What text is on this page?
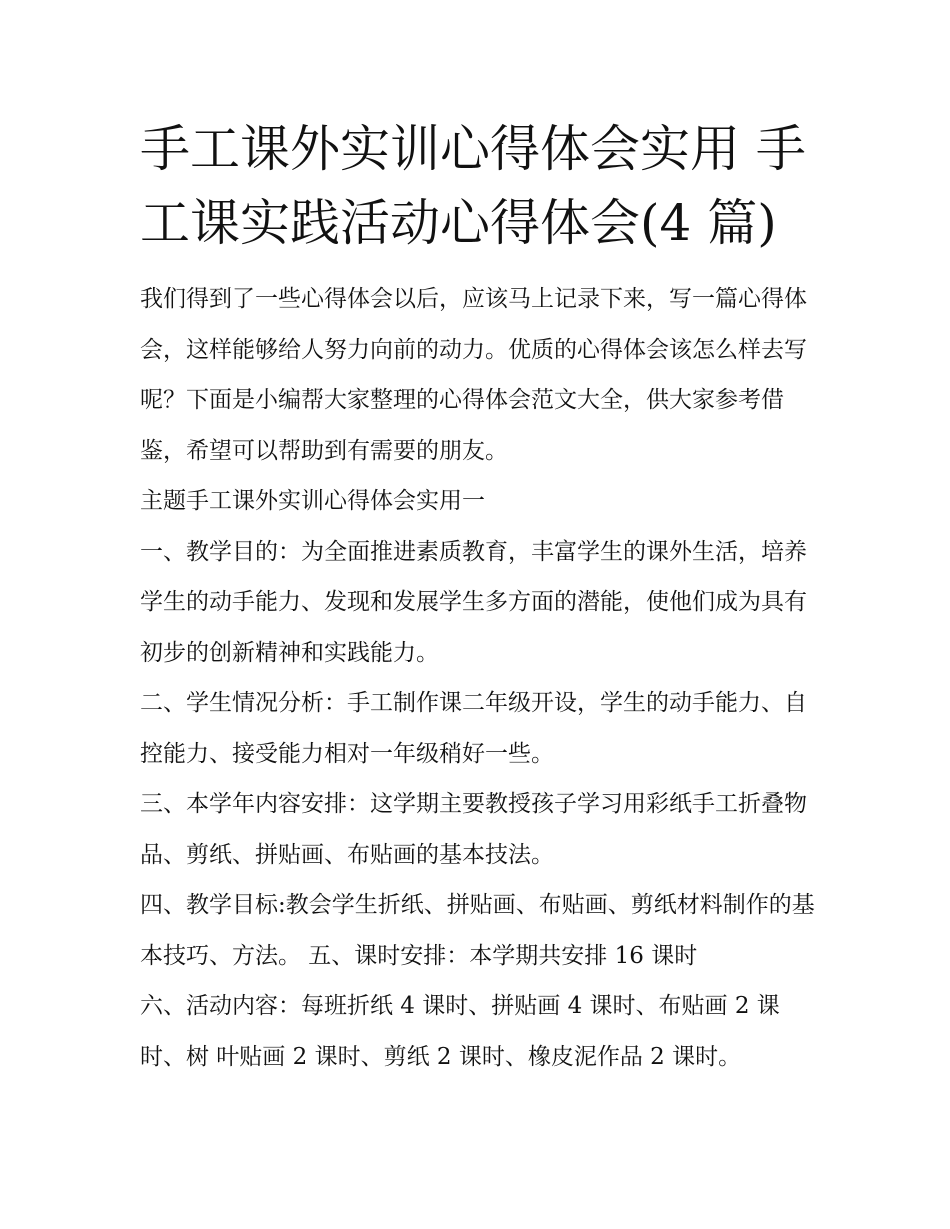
手工课外实训心得体会实用 手工课实践活动心得体会(4 篇)

我们得到了一些心得体会以后，应该马上记录下来，写一篇心得体会，这样能够给人努力向前的动力。优质的心得体会该怎么样去写呢？下面是小编帮大家整理的心得体会范文大全，供大家参考借鉴，希望可以帮助到有需要的朋友。

主题手工课外实训心得体会实用一

一、教学目的：为全面推进素质教育，丰富学生的课外生活，培养学生的动手能力、发现和发展学生多方面的潜能，使他们成为具有初步的创新精神和实践能力。

二、学生情况分析：手工制作课二年级开设，学生的动手能力、自控能力、接受能力相对一年级稍好一些。

三、本学年内容安排：这学期主要教授孩子学习用彩纸手工折叠物品、剪纸、拼贴画、布贴画的基本技法。

四、教学目标:教会学生折纸、拼贴画、布贴画、剪纸材料制作的基本技巧、方法。 五、课时安排：本学期共安排 16 课时

六、活动内容：每班折纸 4 课时、拼贴画 4 课时、布贴画 2 课时、树 叶贴画 2 课时、剪纸 2 课时、橡皮泥作品 2 课时。
